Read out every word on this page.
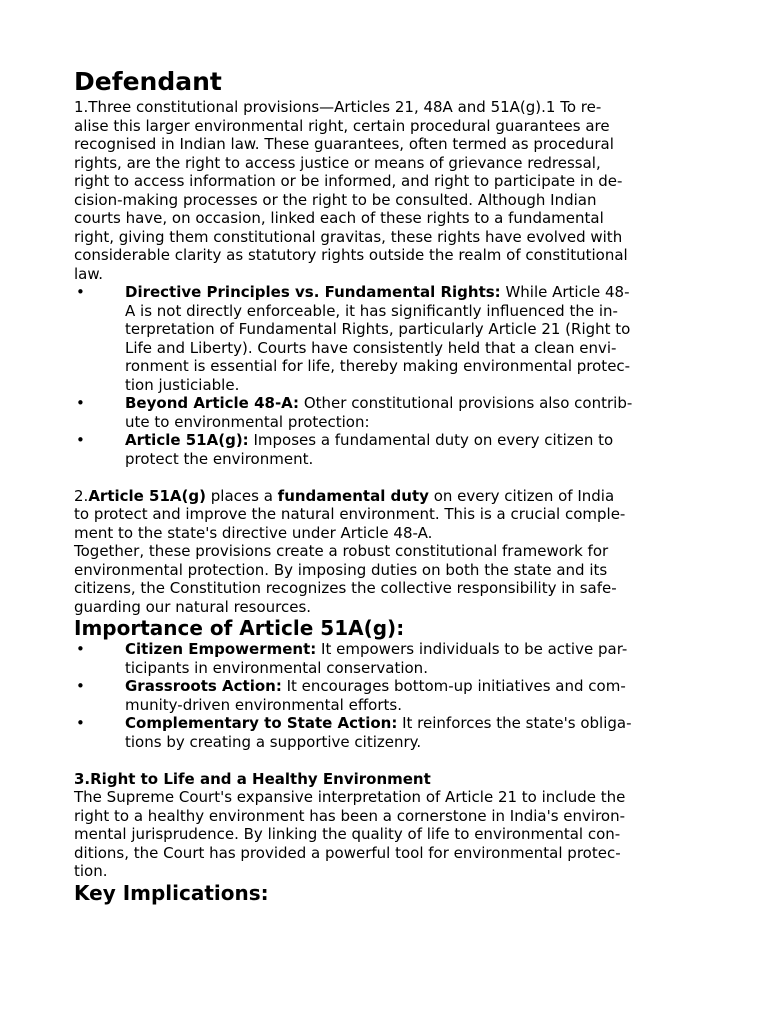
Defendant
1.Three constitutional provisions—Articles 21, 48A and 51A(g).1 To re-
alise this larger environmental right, certain procedural guarantees are
recognised in Indian law. These guarantees, often termed as procedural
rights, are the right to access justice or means of grievance redressal,
right to access information or be informed, and right to participate in de-
cision-making processes or the right to be consulted. Although Indian
courts have, on occasion, linked each of these rights to a fundamental
right, giving them constitutional gravitas, these rights have evolved with
considerable clarity as statutory rights outside the realm of constitutional
law.
•	Directive Principles vs. Fundamental Rights: While Article 48-
A is not directly enforceable, it has significantly influenced the in-
terpretation of Fundamental Rights, particularly Article 21 (Right to
Life and Liberty). Courts have consistently held that a clean envi-
ronment is essential for life, thereby making environmental protec-
tion justiciable.
•	Beyond Article 48-A: Other constitutional provisions also contrib-
ute to environmental protection:
•	Article 51A(g): Imposes a fundamental duty on every citizen to
protect the environment.
2.Article 51A(g) places a fundamental duty on every citizen of India
to protect and improve the natural environment. This is a crucial comple-
ment to the state's directive under Article 48-A.
Together, these provisions create a robust constitutional framework for
environmental protection. By imposing duties on both the state and its
citizens, the Constitution recognizes the collective responsibility in safe-
guarding our natural resources.
Importance of Article 51A(g):
•	Citizen Empowerment: It empowers individuals to be active par-
ticipants in environmental conservation.
•	Grassroots Action: It encourages bottom-up initiatives and com-
munity-driven environmental efforts.
•	Complementary to State Action: It reinforces the state's obliga-
tions by creating a supportive citizenry.
3.Right to Life and a Healthy Environment
The Supreme Court's expansive interpretation of Article 21 to include the
right to a healthy environment has been a cornerstone in India's environ-
mental jurisprudence. By linking the quality of life to environmental con-
ditions, the Court has provided a powerful tool for environmental protec-
tion.
Key Implications:
